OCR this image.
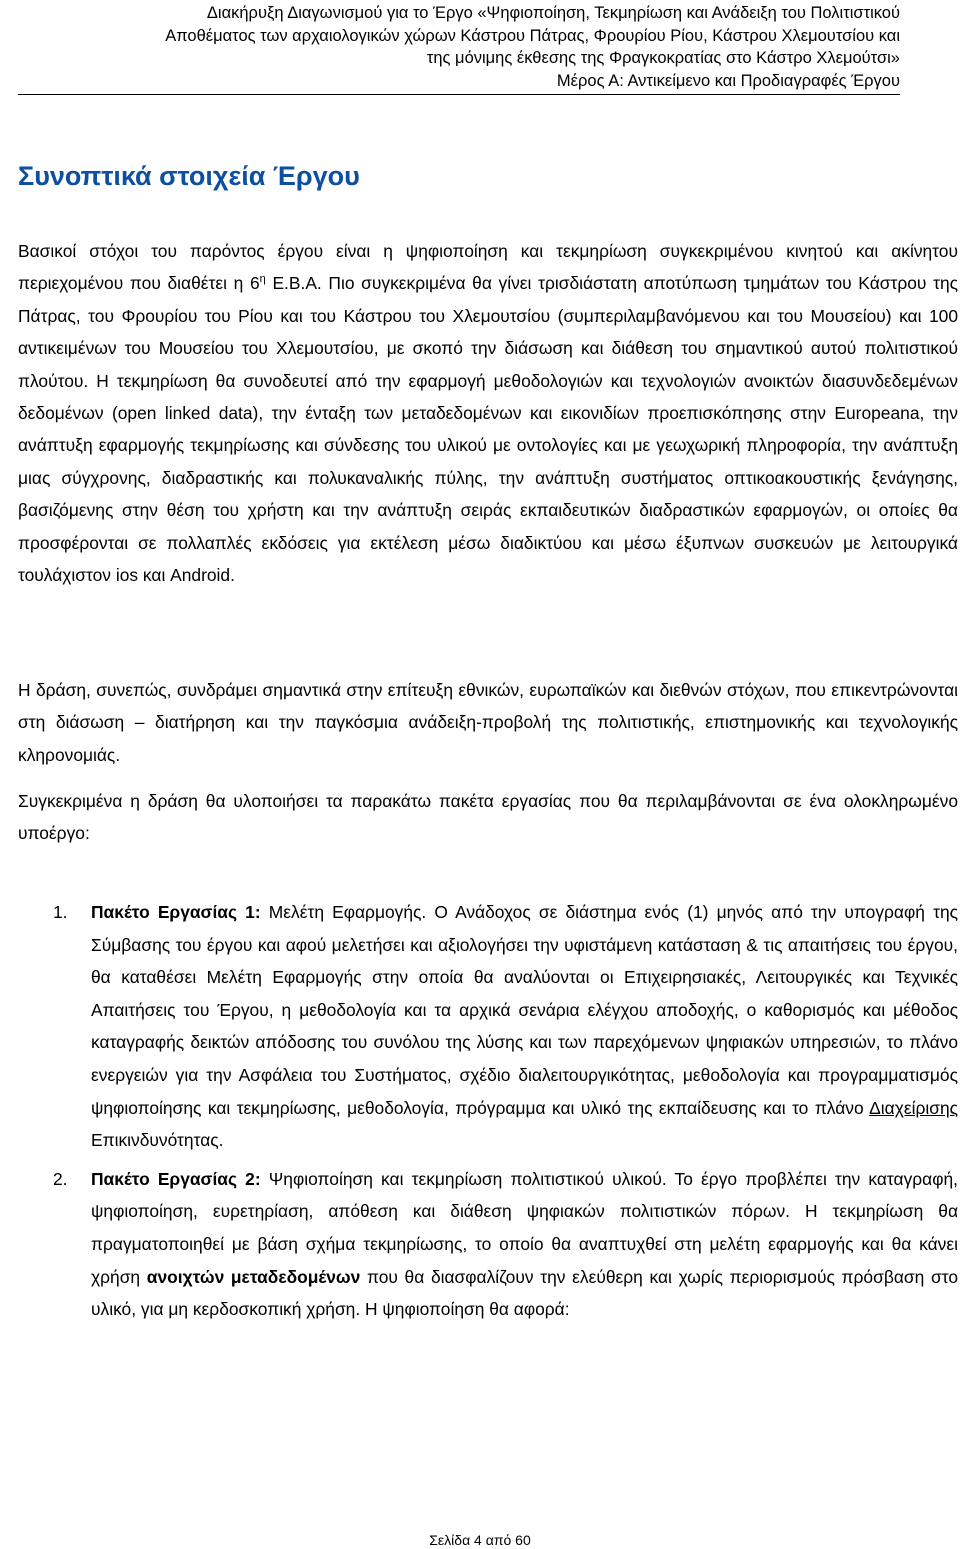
Διακήρυξη Διαγωνισμού για το Έργο «Ψηφιοποίηση, Τεκμηρίωση και Ανάδειξη του Πολιτιστικού
Αποθέματος των αρχαιολογικών χώρων Κάστρου Πάτρας, Φρουρίου Ρίου, Κάστρου Χλεμουτσίου και
της μόνιμης έκθεσης της Φραγκοκρατίας στο Κάστρο Χλεμούτσι»
Μέρος Α: Αντικείμενο και Προδιαγραφές Έργου
Συνοπτικά στοιχεία Έργου

Βασικοί στόχοι του παρόντος έργου είναι η ψηφιοποίηση και τεκμηρίωση συγκεκριμένου κινητού και ακίνητου περιεχομένου που διαθέτει η $6^\eta$ Ε.Β.Α. Πιο συγκεκριμένα θα γίνει τρισδιάστατη αποτύπωση τμημάτων του Κάστρου της Πάτρας, του Φρουρίου του Ρίου και του Κάστρου του Χλεμουτσίου (συμπεριλαμβανόμενου και του Μουσείου) και 100 αντικειμένων του Μουσείου του Χλεμουτσίου, με σκοπό την διάσωση και διάθεση του σημαντικού αυτού πολιτιστικού πλούτου. Η τεκμηρίωση θα συνοδευτεί από την εφαρμογή μεθοδολογιών και τεχνολογιών ανοικτών διασυνδεδεμένων δεδομένων (open linked data), την ένταξη των μεταδεδομένων και εικονιδίων προεπισκόπησης στην Europeana, την ανάπτυξη εφαρμογής τεκμηρίωσης και σύνδεσης του υλικού με οντολογίες και με γεωχωρική πληροφορία, την ανάπτυξη μιας σύγχρονης, διαδραστικής και πολυκαναλικής πύλης, την ανάπτυξη συστήματος οπτικοακουστικής ξενάγησης, βασιζόμενης στην θέση του χρήστη και την ανάπτυξη σειράς εκπαιδευτικών διαδραστικών εφαρμογών, οι οποίες θα προσφέρονται σε πολλαπλές εκδόσεις για εκτέλεση μέσω διαδικτύου και μέσω έξυπνων συσκευών με λειτουργικά τουλάχιστον ios και Android.

Η δράση, συνεπώς, συνδράμει σημαντικά στην επίτευξη εθνικών, ευρωπαϊκών και διεθνών στόχων, που επικεντρώνονται στη διάσωση – διατήρηση και την παγκόσμια ανάδειξη-προβολή της πολιτιστικής, επιστημονικής και τεχνολογικής κληρονομιάς.

Συγκεκριμένα η δράση θα υλοποιήσει τα παρακάτω πακέτα εργασίας που θα περιλαμβάνονται σε ένα ολοκληρωμένο υποέργο:

1. Πακέτο Εργασίας 1: Μελέτη Εφαρμογής. Ο Ανάδοχος σε διάστημα ενός (1) μηνός από την υπογραφή της Σύμβασης του έργου και αφού μελετήσει και αξιολογήσει την υφιστάμενη κατάσταση & τις απαιτήσεις του έργου, θα καταθέσει Μελέτη Εφαρμογής στην οποία θα αναλύονται οι Επιχειρησιακές, Λειτουργικές και Τεχνικές Απαιτήσεις του Έργου, η μεθοδολογία και τα αρχικά σενάρια ελέγχου αποδοχής, ο καθορισμός και μέθοδος καταγραφής δεικτών απόδοσης του συνόλου της λύσης και των παρεχόμενων ψηφιακών υπηρεσιών, το πλάνο ενεργειών για την Ασφάλεια του Συστήματος, σχέδιο διαλειτουργικότητας, μεθοδολογία και προγραμματισμός ψηφιοποίησης και τεκμηρίωσης, μεθοδολογία, πρόγραμμα και υλικό της εκπαίδευσης και το πλάνο Διαχείρισης Επικινδυνότητας.
2. Πακέτο Εργασίας 2: Ψηφιοποίηση και τεκμηρίωση πολιτιστικού υλικού. Το έργο προβλέπει την καταγραφή, ψηφιοποίηση, ευρετηρίαση, απόθεση και διάθεση ψηφιακών πολιτιστικών πόρων. Η τεκμηρίωση θα πραγματοποιηθεί με βάση σχήμα τεκμηρίωσης, το οποίο θα αναπτυχθεί στη μελέτη εφαρμογής και θα κάνει χρήση ανοιχτών μεταδεδομένων που θα διασφαλίζουν την ελεύθερη και χωρίς περιορισμούς πρόσβαση στο υλικό, για μη κερδοσκοπική χρήση. Η ψηφιοποίηση θα αφορά:
Σελίδα 4 από 60
